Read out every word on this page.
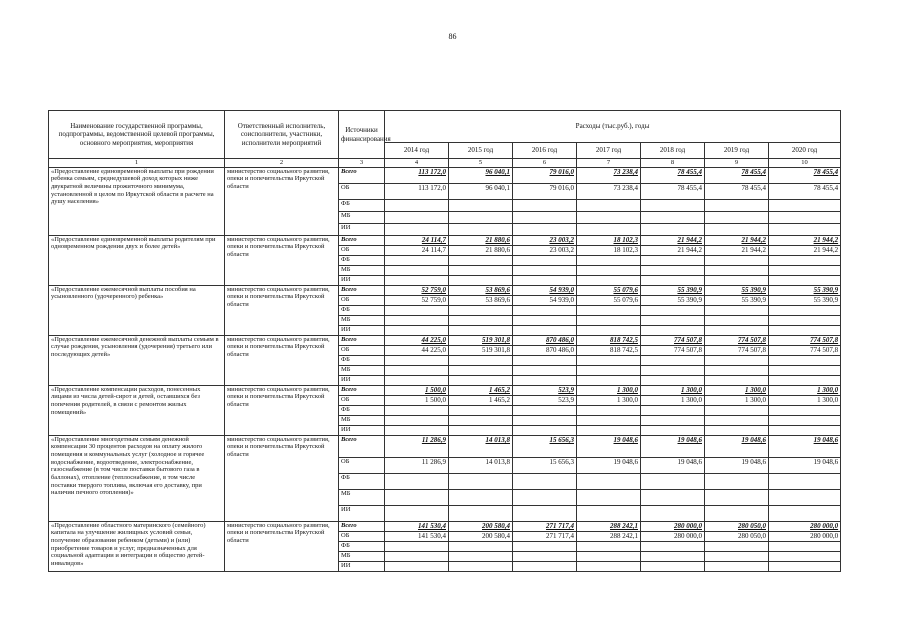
86
Наименование государственной программы, подпрограммы, ведомственной целевой программы, основного мероприятия, мероприятия	Ответственный исполнитель, соисполнители, участники, исполнители мероприятий	Источники финансирования	Расходы (тыс.руб.), годы						
			2014 год	2015 год	2016 год	2017 год	2018 год	2019 год	2020 год
1	2	3	4	5	6	7	8	9	10
«Предоставление единовременной выплаты при рождении ребенка семьям, среднедушевой доход которых ниже двукратной величины прожиточного минимума, установленной в целом по Иркутской области в расчете на душу населения»	министерство социального развития, опеки и попечительства Иркутской области	Всего	113 172,0	96 040,1	79 016,0	73 238,4	78 455,4	78 455,4	78 455,4
		ОБ	113 172,0	96 040,1	79 016,0	73 238,4	78 455,4	78 455,4	78 455,4
		ФБ							
		МБ							
		ИИ							
«Предоставление единовременной выплаты родителям при одновременном рождении двух и более детей»	министерство социального развития, опеки и попечительства Иркутской области	Всего	24 114,7	21 880,6	23 003,2	18 102,3	21 944,2	21 944,2	21 944,2
		ОБ	24 114,7	21 880,6	23 003,2	18 102,3	21 944,2	21 944,2	21 944,2
		ФБ							
		МБ							
		ИИ							
«Предоставление ежемесячной выплаты пособия на усыновленного (удочеренного) ребенка»	министерство социального развития, опеки и попечительства Иркутской области	Всего	52 759,0	53 869,6	54 939,0	55 079,6	55 390,9	55 390,9	55 390,9
		ОБ	52 759,0	53 869,6	54 939,0	55 079,6	55 390,9	55 390,9	55 390,9
		ФБ							
		МБ							
		ИИ							
«Предоставление ежемесячной денежной выплаты семьям в случае рождения, усыновления (удочерения) третьего или последующих детей»	министерство социального развития, опеки и попечительства Иркутской области	Всего	44 225,0	519 301,8	870 486,0	818 742,5	774 507,8	774 507,8	774 507,8
		ОБ	44 225,0	519 301,8	870 486,0	818 742,5	774 507,8	774 507,8	774 507,8
		ФБ							
		МБ							
		ИИ							
«Предоставление компенсации расходов, понесенных лицами из числа детей-сирот и детей, оставшихся без попечения родителей, в связи с ремонтом жилых помещений»	министерство социального развития, опеки и попечительства Иркутской области	Всего	1 500,0	1 465,2	523,9	1 300,0	1 300,0	1 300,0	1 300,0
		ОБ	1 500,0	1 465,2	523,9	1 300,0	1 300,0	1 300,0	1 300,0
		ФБ							
		МБ							
		ИИ							
«Предоставление многодетным семьям денежной компенсации 30 процентов расходов на оплату жилого помещения и коммунальных услуг (холодное и горячее водоснабжение, водоотведение, электроснабжение, газоснабжение (в том числе поставки бытового газа в баллонах), отопление (теплоснабжение, в том числе поставки твердого топлива, включая его доставку, при наличии печного отопления)»	министерство социального развития, опеки и попечительства Иркутской области	Всего	11 286,9	14 013,8	15 656,3	19 048,6	19 048,6	19 048,6	19 048,6
		ОБ	11 286,9	14 013,8	15 656,3	19 048,6	19 048,6	19 048,6	19 048,6
		ФБ							
		МБ							
		ИИ							
«Предоставление областного материнского (семейного) капитала на улучшение жилищных условий семьи, получение образования ребенком (детьми) и (или) приобретение товаров и услуг, предназначенных для социальной адаптации и интеграции в общество детей-инвалидов»	министерство социального развития, опеки и попечительства Иркутской области	Всего	141 530,4	200 580,4	271 717,4	288 242,1	280 000,0	280 050,0	280 000,0
		ОБ	141 530,4	200 580,4	271 717,4	288 242,1	280 000,0	280 050,0	280 000,0
		ФБ							
		МБ							
		ИИ							
